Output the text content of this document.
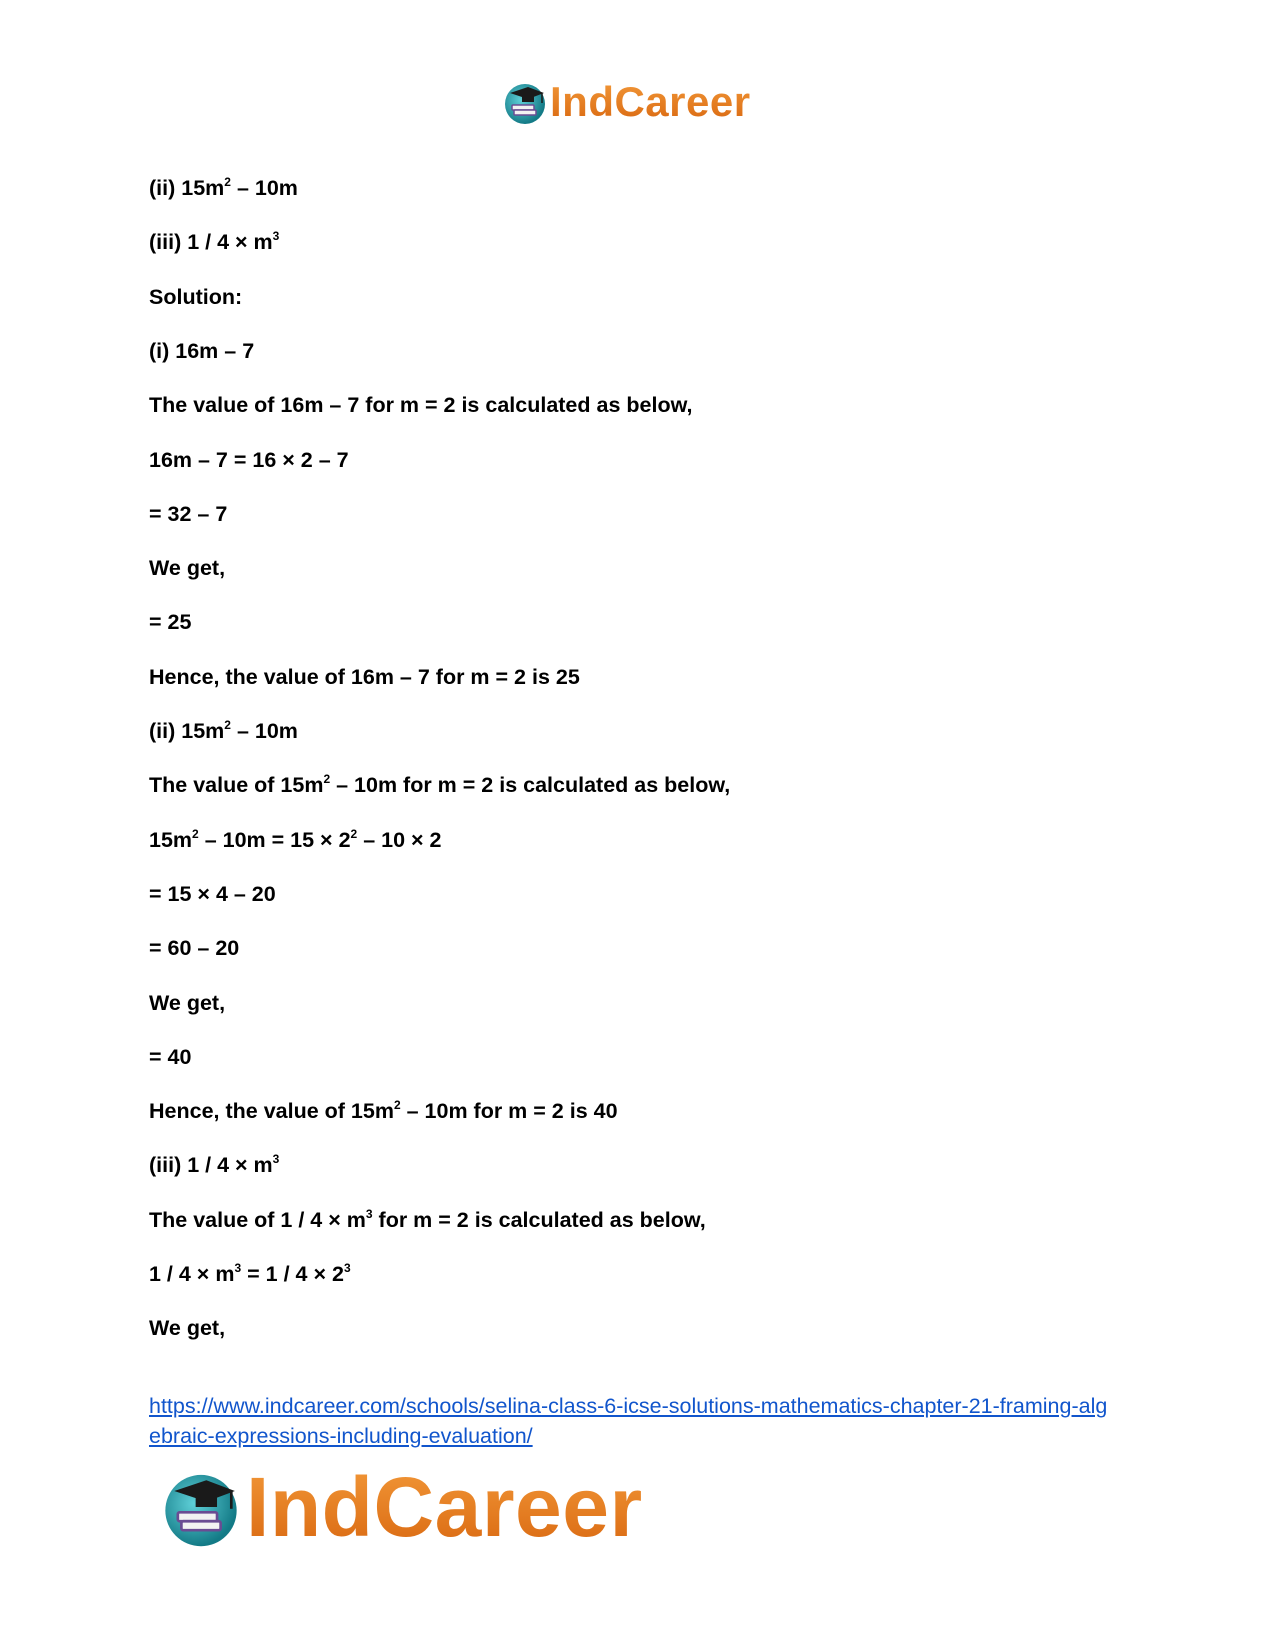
IndCareer
(ii) $15m^2 - 10m$
(iii) $1 / 4 \times m^3$
Solution:
(i) 16m – 7
The value of 16m – 7 for m = 2 is calculated as below,
16m – 7 = 16 × 2 – 7
= 32 – 7
We get,
= 25
Hence, the value of 16m – 7 for m = 2 is 25
(ii) $15m^2 - 10m$
The value of $15m^2 - 10m$ for m = 2 is calculated as below,
$15m^2 - 10m = 15 \times 2^2 - 10 \times 2$
= 15 × 4 – 20
= 60 – 20
We get,
= 40
Hence, the value of $15m^2 - 10m$ for m = 2 is 40
(iii) $1 / 4 \times m^3$
The value of $1 / 4 \times m^3$ for m = 2 is calculated as below,
$1 / 4 \times m^3 = 1 / 4 \times 2^3$
We get,
https://www.indcareer.com/schools/selina-class-6-icse-solutions-mathematics-chapter-21-framing-algebraic-expressions-including-evaluation/
IndCareer
